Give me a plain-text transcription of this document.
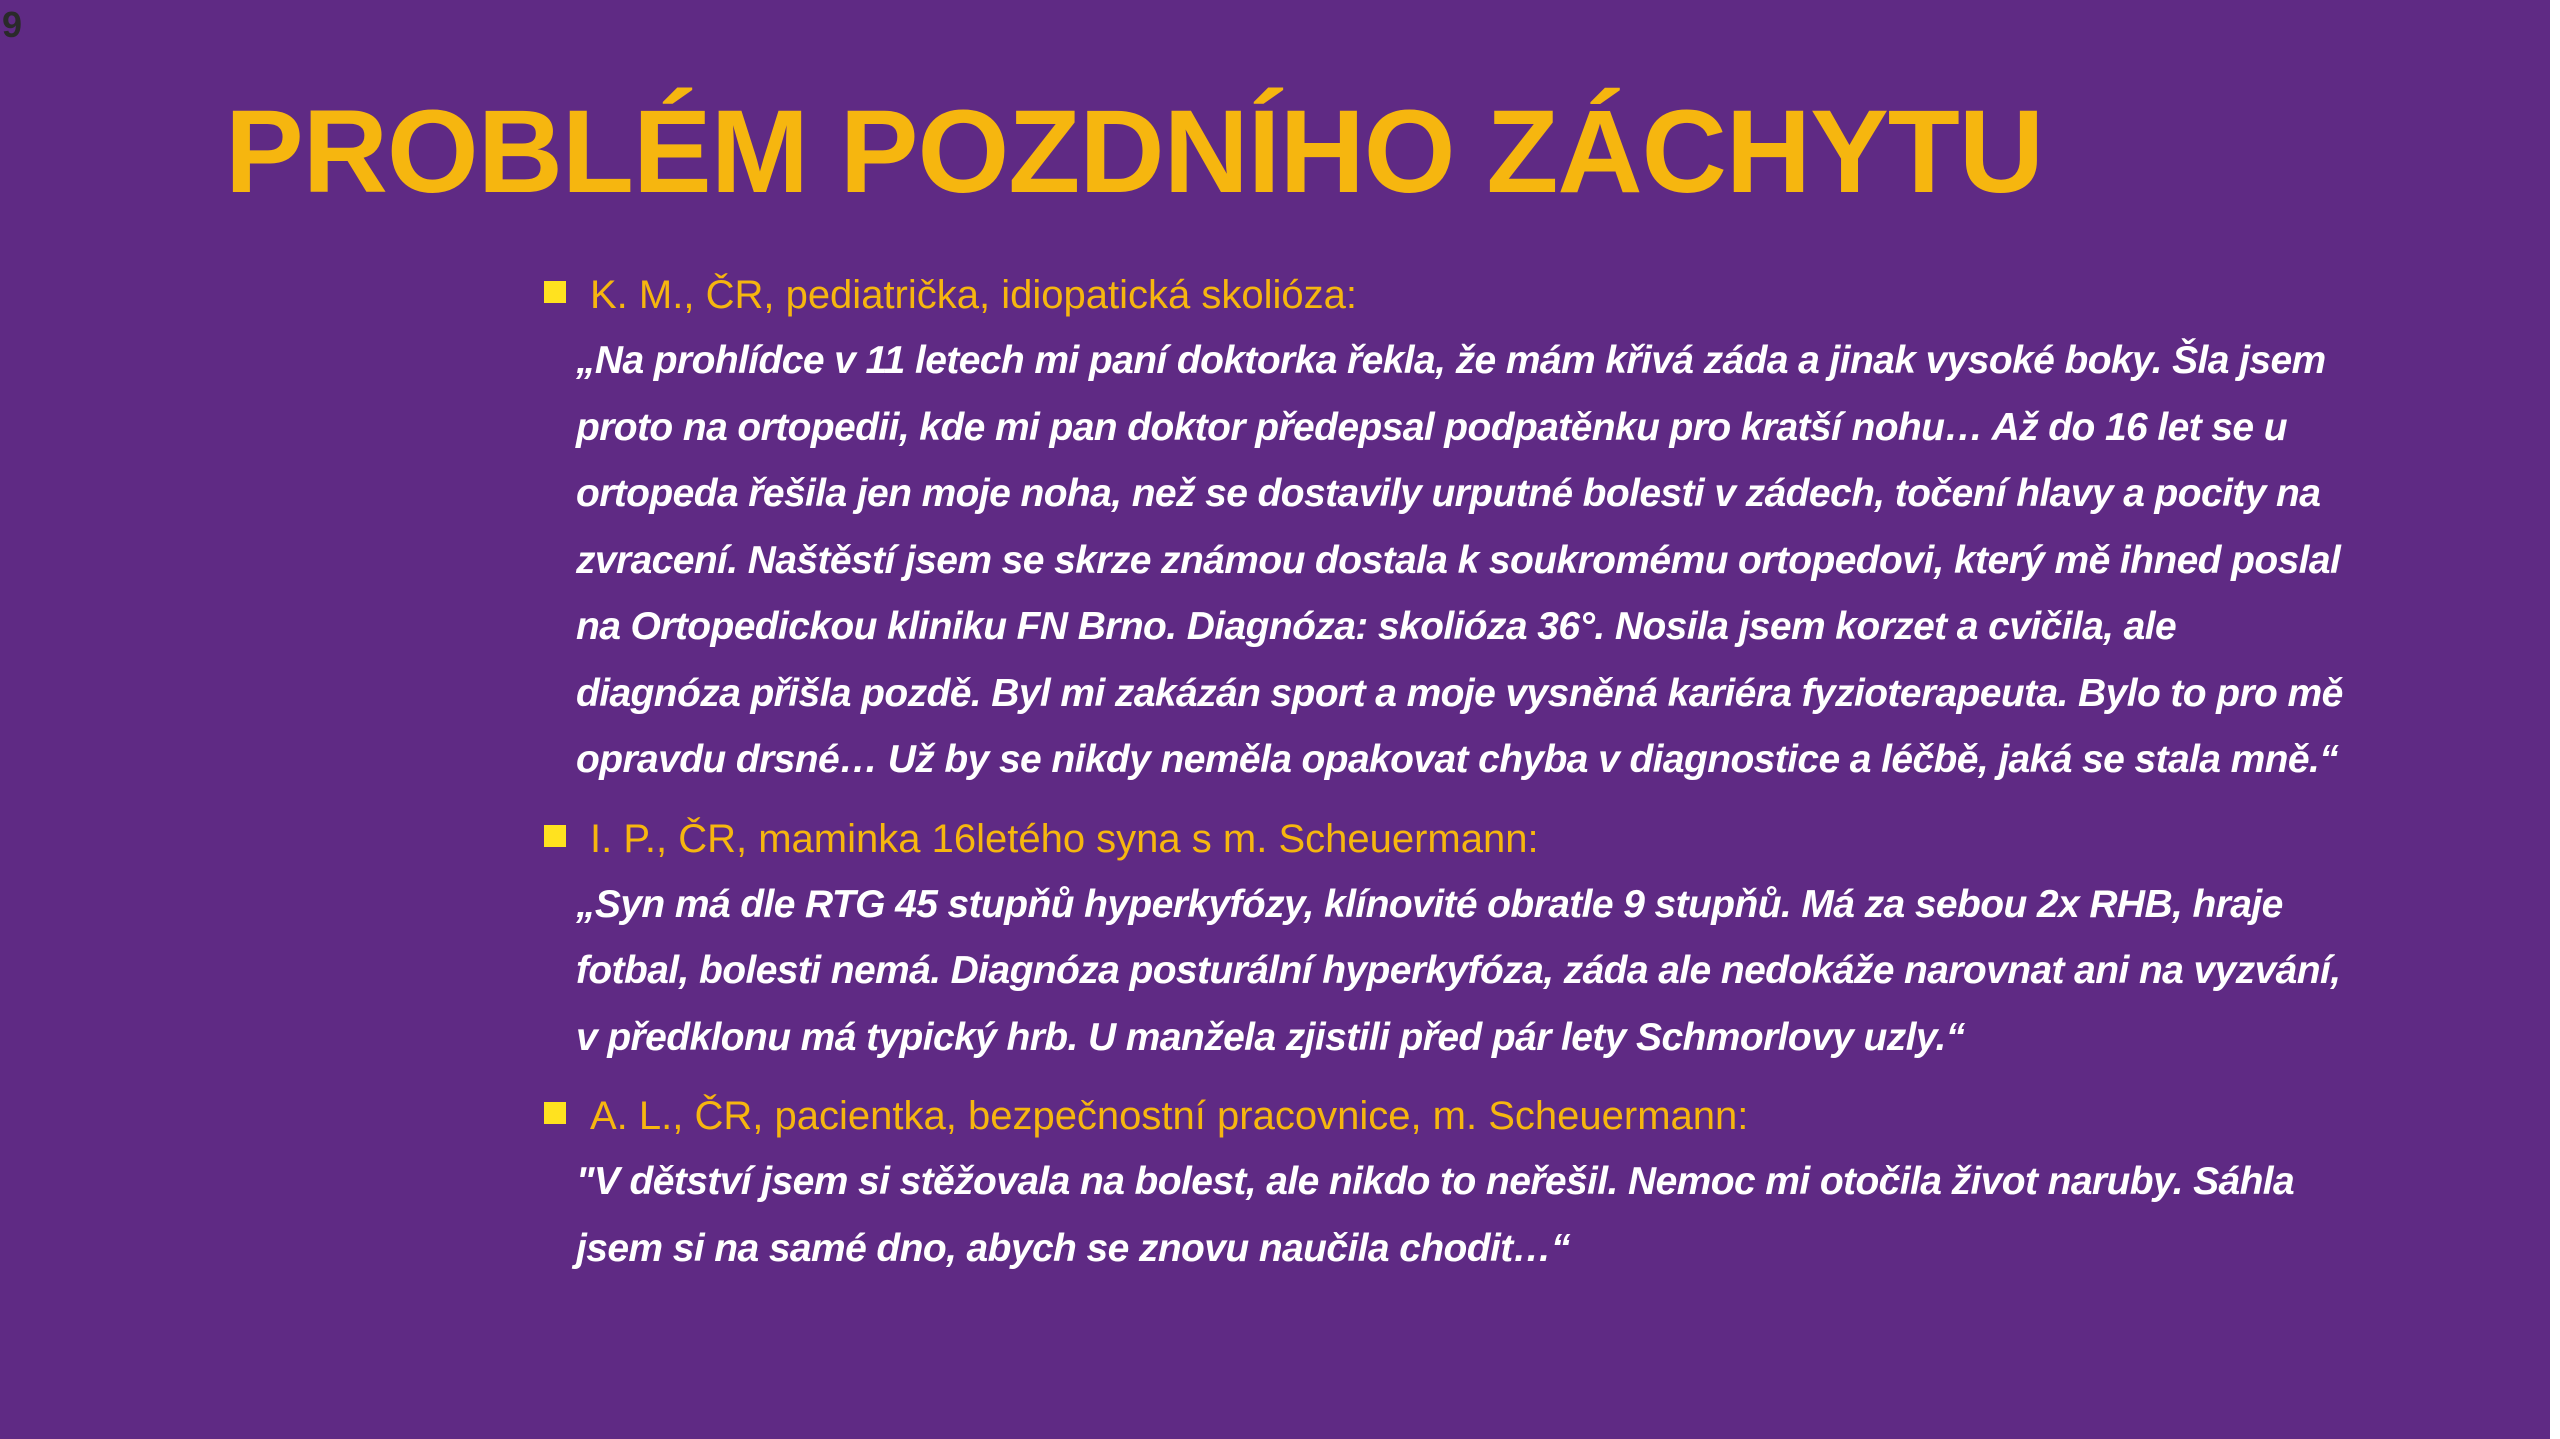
9
PROBLÉM POZDNÍHO ZÁCHYTU
K. M., ČR, pediatrička, idiopatická skolióza:

„Na prohlídce v 11 letech mi paní doktorka řekla, že mám křivá záda a jinak vysoké boky. Šla jsem proto na ortopedii, kde mi pan doktor předepsal podpatěnku pro kratší nohu… Až do 16 let se u ortopeda řešila jen moje noha, než se dostavily urputné bolesti v zádech, točení hlavy a pocity na zvracení. Naštěstí jsem se skrze známou dostala k soukromému ortopedovi, který mě ihned poslal na Ortopedickou kliniku FN Brno. Diagnóza: skolióza 36°. Nosila jsem korzet a cvičila, ale diagnóza přišla pozdě. Byl mi zakázán sport a moje vysněná kariéra fyzioterapeuta. Bylo to pro mě opravdu drsné… Už by se nikdy neměla opakovat chyba v diagnostice a léčbě, jaká se stala mně.“

I. P., ČR, maminka 16letého syna s m. Scheuermann:

„Syn má dle RTG 45 stupňů hyperkyfózy, klínovité obratle 9 stupňů. Má za sebou 2x RHB, hraje fotbal, bolesti nemá. Diagnóza posturální hyperkyfóza, záda ale nedokáže narovnat ani na vyzvání, v předklonu má typický hrb. U manžela zjistili před pár lety Schmorlovy uzly.“

A. L., ČR, pacientka, bezpečnostní pracovnice, m. Scheuermann:

"V dětství jsem si stěžovala na bolest, ale nikdo to neřešil. Nemoc mi otočila život naruby. Sáhla jsem si na samé dno, abych se znovu naučila chodit…“
